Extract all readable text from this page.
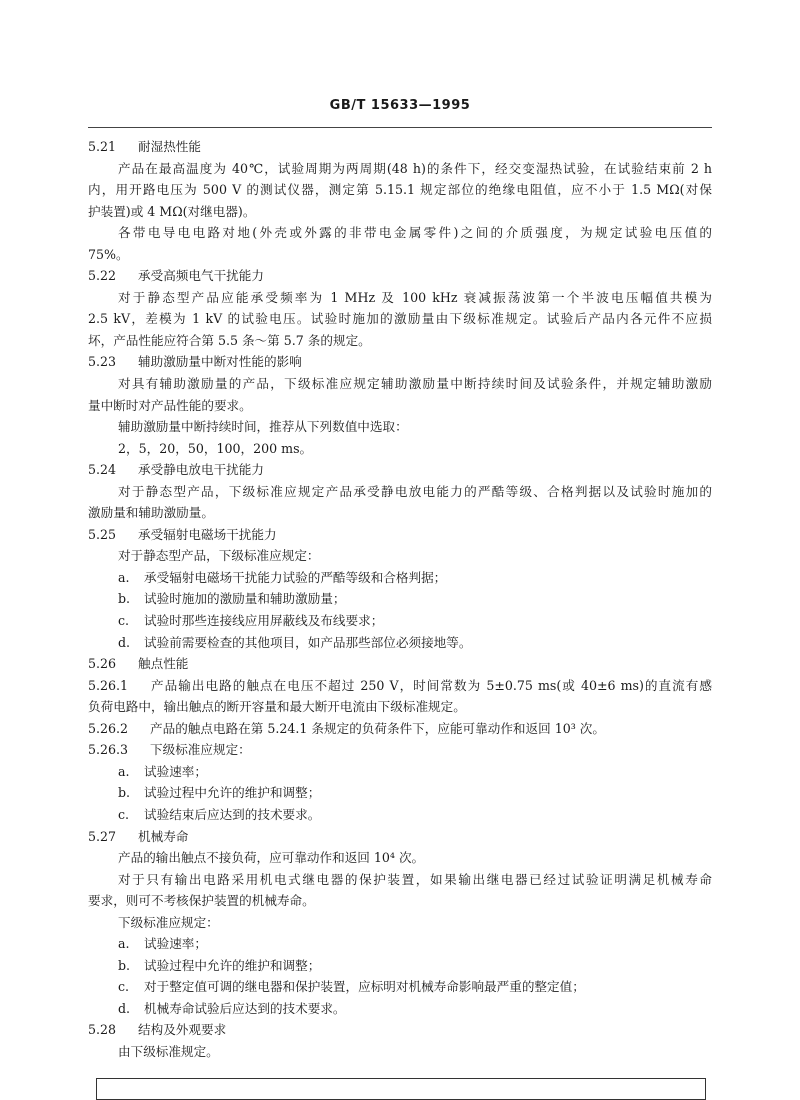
GB/T 15633—1995
5.21 耐湿热性能
产品在最高温度为 40℃，试验周期为两周期(48 h)的条件下，经交变湿热试验，在试验结束前 2 h
内，用开路电压为 500 V 的测试仪器，测定第 5.15.1 规定部位的绝缘电阻值，应不小于 1.5 MΩ(对保
护装置)或 4 MΩ(对继电器)。
各带电导电电路对地(外壳或外露的非带电金属零件)之间的介质强度，为规定试验电压值的
75%。
5.22 承受高频电气干扰能力
对于静态型产品应能承受频率为 1 MHz 及 100 kHz 衰减振荡波第一个半波电压幅值共模为
2.5 kV，差模为 1 kV 的试验电压。试验时施加的激励量由下级标准规定。试验后产品内各元件不应损
坏，产品性能应符合第 5.5 条～第 5.7 条的规定。
5.23 辅助激励量中断对性能的影响
对具有辅助激励量的产品，下级标准应规定辅助激励量中断持续时间及试验条件，并规定辅助激励
量中断时对产品性能的要求。
辅助激励量中断持续时间，推荐从下列数值中选取：
2，5，20，50，100，200 ms。
5.24 承受静电放电干扰能力
对于静态型产品，下级标准应规定产品承受静电放电能力的严酷等级、合格判据以及试验时施加的
激励量和辅助激励量。
5.25 承受辐射电磁场干扰能力
对于静态型产品，下级标准应规定：
a. 承受辐射电磁场干扰能力试验的严酷等级和合格判据；
b. 试验时施加的激励量和辅助激励量；
c. 试验时那些连接线应用屏蔽线及布线要求；
d. 试验前需要检查的其他项目，如产品那些部位必须接地等。
5.26 触点性能
5.26.1 产品输出电路的触点在电压不超过 250 V，时间常数为 5±0.75 ms(或 40±6 ms)的直流有感
负荷电路中，输出触点的断开容量和最大断开电流由下级标准规定。
5.26.2 产品的触点电路在第 5.24.1 条规定的负荷条件下，应能可靠动作和返回 10³ 次。
5.26.3 下级标准应规定：
a. 试验速率；
b. 试验过程中允许的维护和调整；
c. 试验结束后应达到的技术要求。
5.27 机械寿命
产品的输出触点不接负荷，应可靠动作和返回 10⁴ 次。
对于只有输出电路采用机电式继电器的保护装置，如果输出继电器已经过试验证明满足机械寿命
要求，则可不考核保护装置的机械寿命。
下级标准应规定：
a. 试验速率；
b. 试验过程中允许的维护和调整；
c. 对于整定值可调的继电器和保护装置，应标明对机械寿命影响最严重的整定值；
d. 机械寿命试验后应达到的技术要求。
5.28 结构及外观要求
由下级标准规定。
